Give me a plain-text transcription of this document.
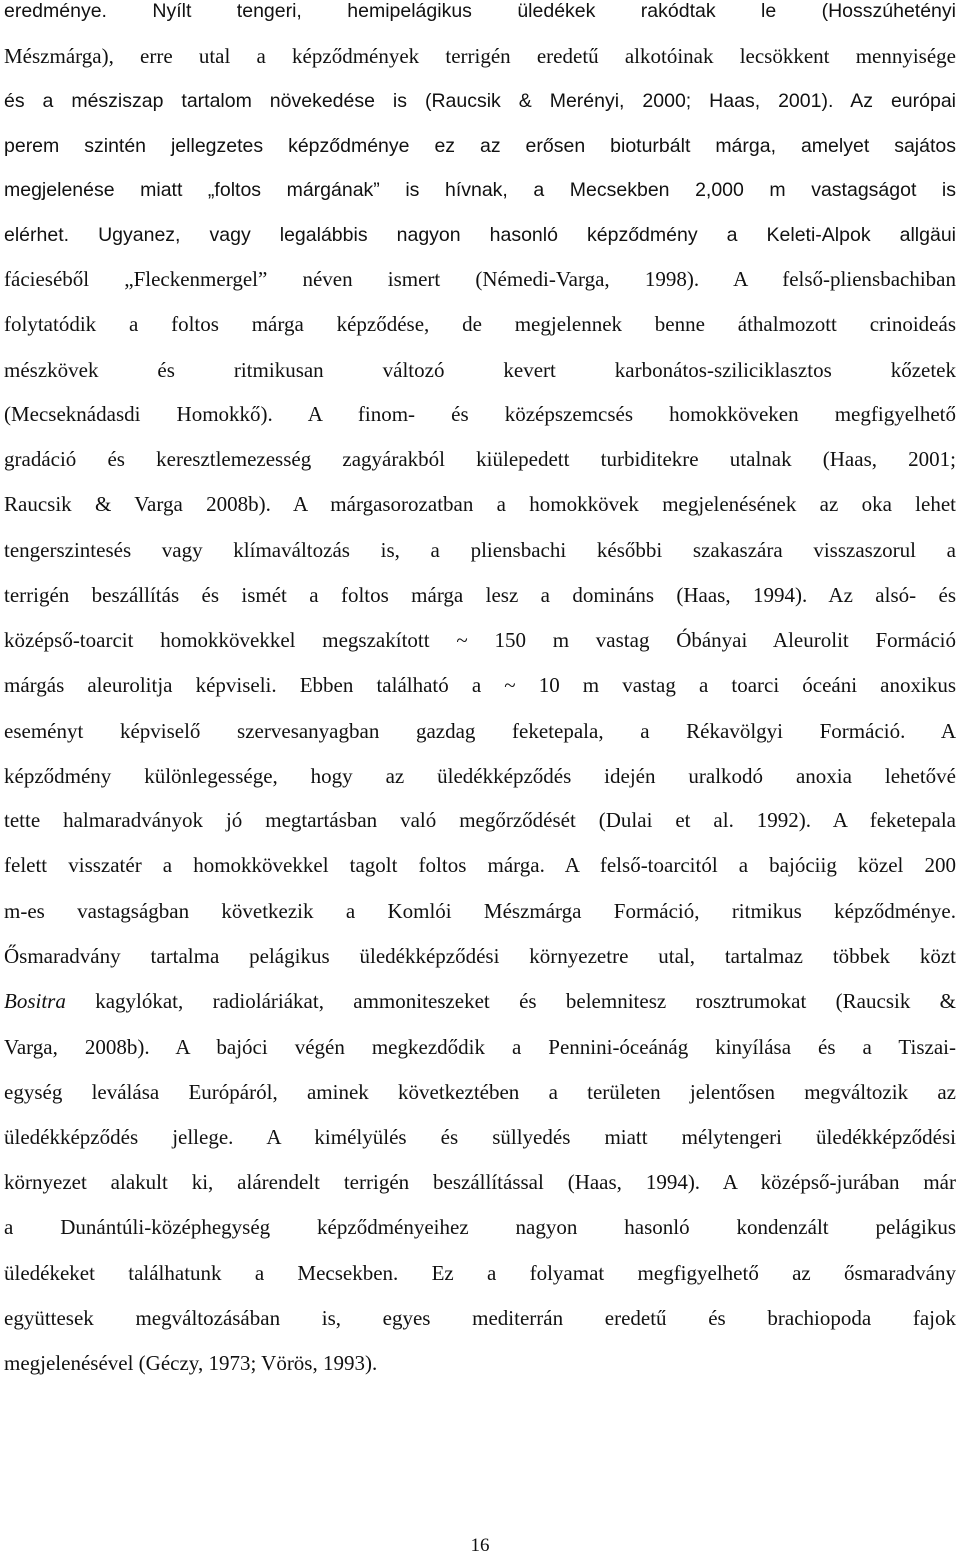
eredménye. Nyílt tengeri, hemipelágikus üledékek rakódtak le (Hosszúhetényi
Mészmárga), erre utal a képződmények terrigén eredetű alkotóinak lecsökkent mennyisége
és a mésziszap tartalom növekedése is (Raucsik & Merényi, 2000; Haas, 2001). Az európai
perem szintén jellegzetes képződménye ez az erősen bioturbált márga, amelyet sajátos
megjelenése miatt „foltos márgának” is hívnak, a Mecsekben 2,000 m vastagságot is
elérhet. Ugyanez, vagy legalábbis nagyon hasonló képződmény a Keleti-Alpok allgäui
fácieséből „Fleckenmergel” néven ismert (Némedi-Varga, 1998). A felső-pliensbachiban
folytatódik a foltos márga képződése, de megjelennek benne áthalmozott crinoideás
mészkövek és ritmikusan változó kevert karbonátos-sziliciklasztos kőzetek
(Mecseknádasdi Homokkő). A finom- és középszemcsés homokköveken megfigyelhető
gradáció és keresztlemezesség zagyárakból kiülepedett turbiditekre utalnak (Haas, 2001;
Raucsik & Varga 2008b). A márgasorozatban a homokkövek megjelenésének az oka lehet
tengerszintesés vagy klímaváltozás is, a pliensbachi későbbi szakaszára visszaszorul a
terrigén beszállítás és ismét a foltos márga lesz a domináns (Haas, 1994). Az alsó- és
középső-toarcit homokkövekkel megszakított ~ 150 m vastag Óbányai Aleurolit Formáció
márgás aleurolitja képviseli. Ebben található a ~ 10 m vastag a toarci óceáni anoxikus
eseményt képviselő szervesanyagban gazdag feketepala, a Rékavölgyi Formáció. A
képződmény különlegessége, hogy az üledékképződés idején uralkodó anoxia lehetővé
tette halmaradványok jó megtartásban való megőrződését (Dulai et al. 1992). A feketepala
felett visszatér a homokkövekkel tagolt foltos márga. A felső-toarcitól a bajóciig közel 200
m-es vastagságban következik a Komlói Mészmárga Formáció, ritmikus képződménye.
Ősmaradvány tartalma pelágikus üledékképződési környezetre utal, tartalmaz többek közt
Bositra kagylókat, radioláriákat, ammoniteszeket és belemnitesz rosztrumokat (Raucsik &
Varga, 2008b). A bajóci végén megkezdődik a Pennini-óceánág kinyílása és a Tiszai-
egység leválása Európáról, aminek következtében a területen jelentősen megváltozik az
üledékképződés jellege. A kimélyülés és süllyedés miatt mélytengeri üledékképződési
környezet alakult ki, alárendelt terrigén beszállítással (Haas, 1994). A középső-jurában már
a Dunántúli-középhegység képződményeihez nagyon hasonló kondenzált pelágikus
üledékeket találhatunk a Mecsekben. Ez a folyamat megfigyelhető az ősmaradvány
együttesek megváltozásában is, egyes mediterrán eredetű és brachiopoda fajok
megjelenésével (Géczy, 1973; Vörös, 1993).
16
